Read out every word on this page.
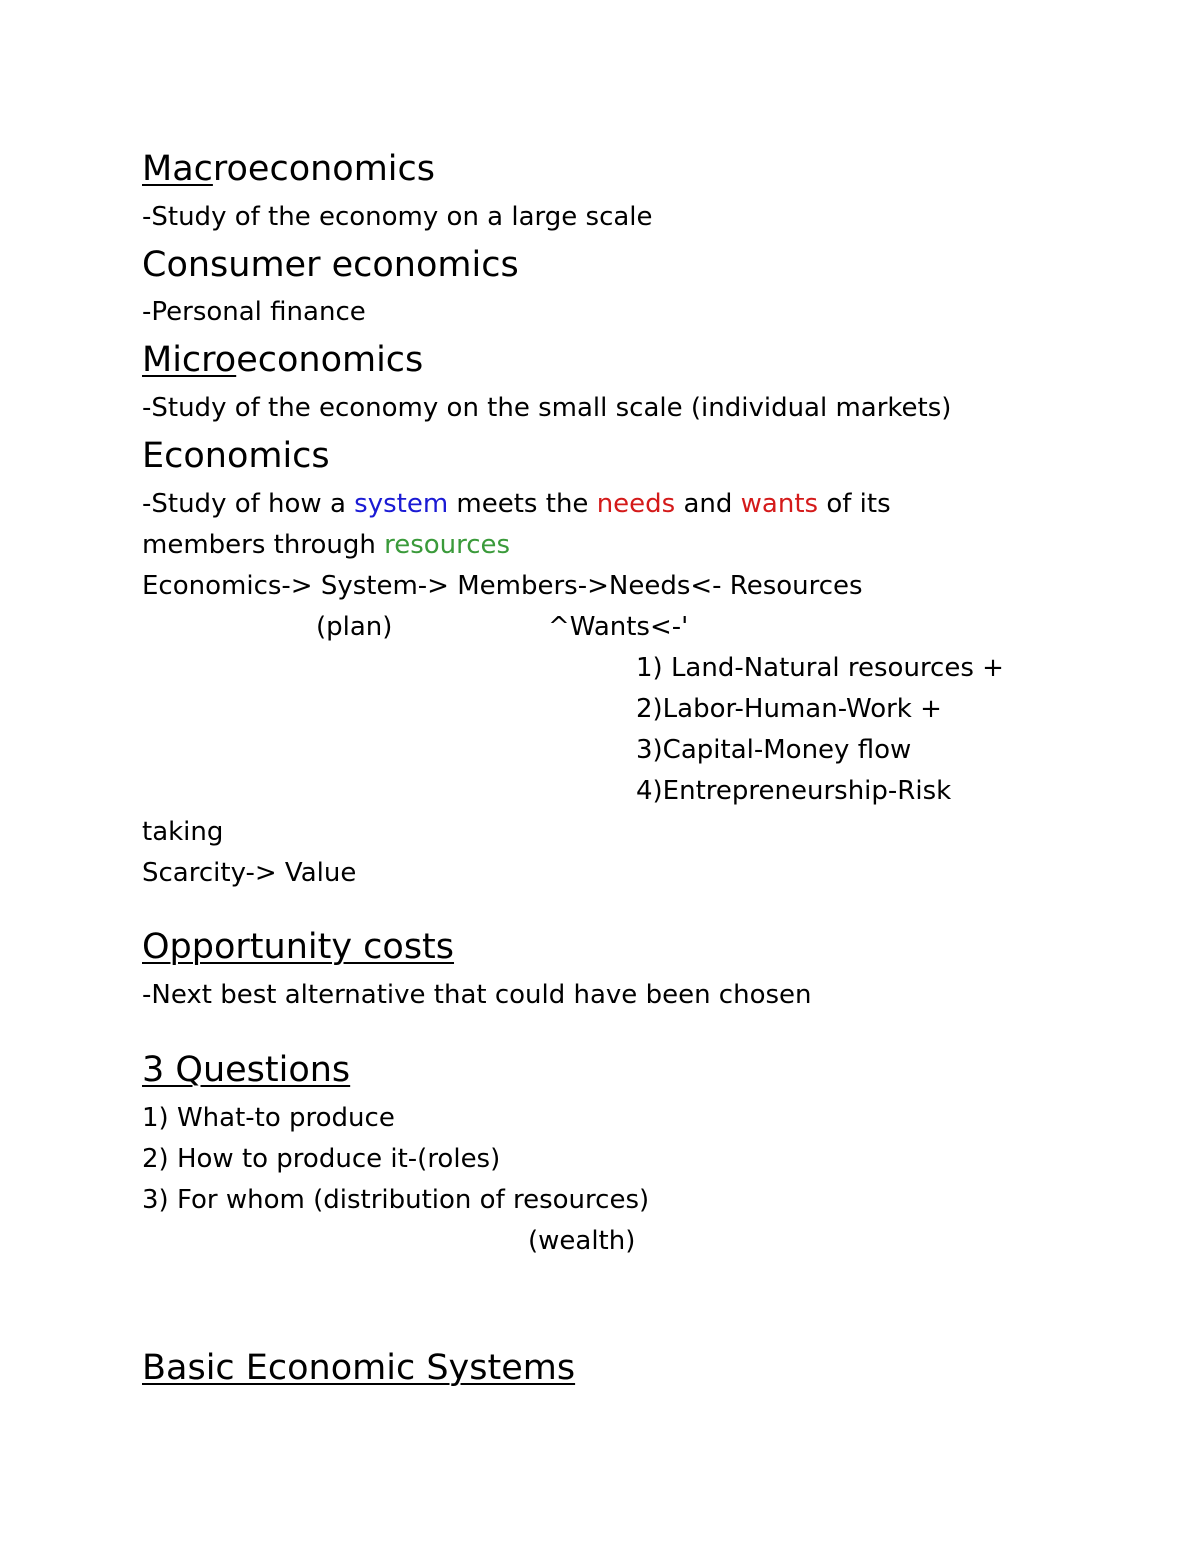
Macroeconomics
-Study of the economy on a large scale
Consumer economics
-Personal finance
Microeconomics
-Study of the economy on the small scale (individual markets)
Economics
-Study of how a system meets the needs and wants of its
members through resources
Economics-> System-> Members->Needs<- Resources
(plan)	^Wants<-'
1) Land-Natural resources +
2)Labor-Human-Work +
3)Capital-Money flow
4)Entrepreneurship-Risk
taking
Scarcity-> Value
Opportunity costs
-Next best alternative that could have been chosen
3 Questions
1) What-to produce
2) How to produce it-(roles)
3) For whom (distribution of resources)
(wealth)
Basic Economic Systems
